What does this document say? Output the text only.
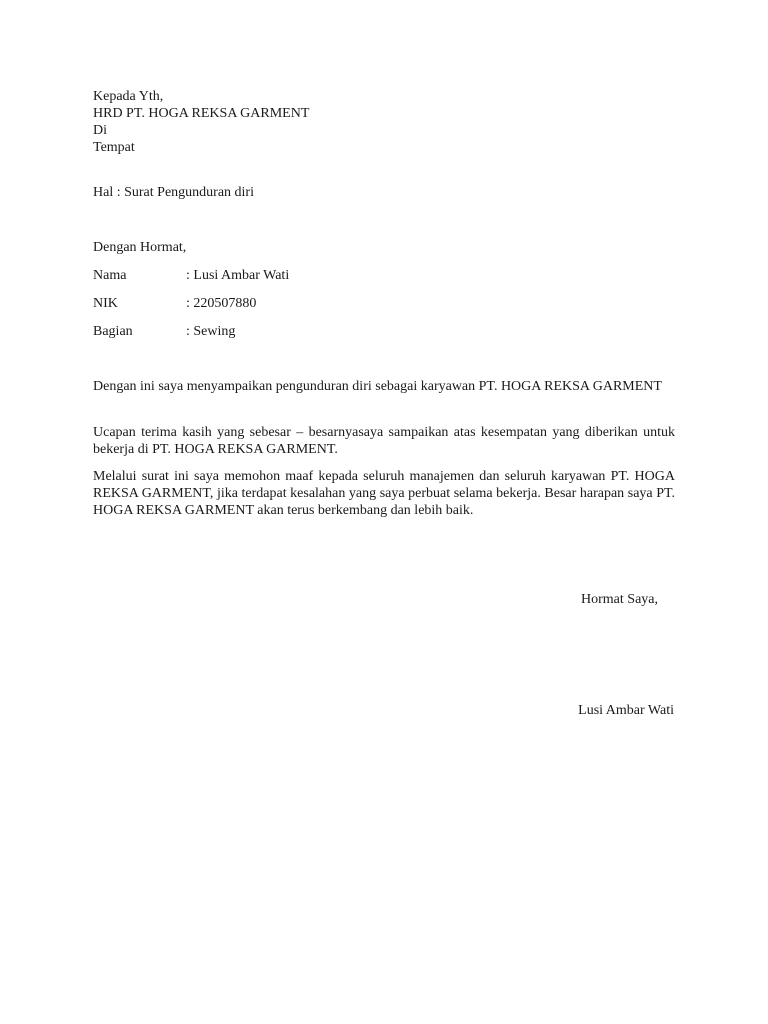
Kepada Yth,
HRD PT. HOGA REKSA GARMENT
Di
Tempat
Hal : Surat Pengunduran diri
Dengan Hormat,
Nama	: Lusi Ambar Wati
NIK	: 220507880
Bagian	: Sewing
Dengan ini saya menyampaikan pengunduran diri sebagai karyawan PT. HOGA REKSA GARMENT
Ucapan terima kasih yang sebesar – besarnyasaya sampaikan atas kesempatan yang diberikan untuk bekerja di PT. HOGA REKSA GARMENT.
Melalui surat ini saya memohon maaf kepada seluruh manajemen dan seluruh karyawan PT. HOGA REKSA GARMENT, jika terdapat kesalahan yang saya perbuat selama bekerja. Besar harapan saya PT. HOGA REKSA GARMENT akan terus berkembang dan lebih baik.
Hormat Saya,
Lusi Ambar Wati
